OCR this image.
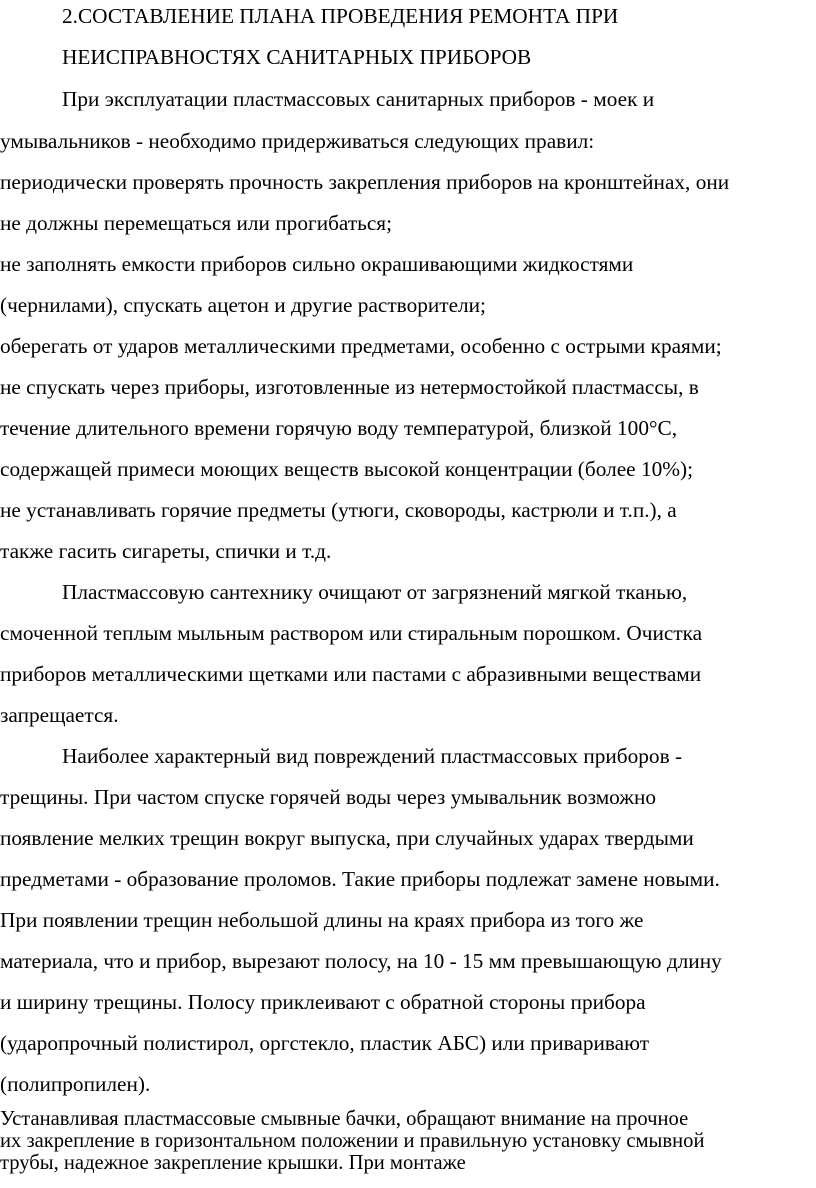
2.СОСТАВЛЕНИЕ ПЛАНА ПРОВЕДЕНИЯ РЕМОНТА ПРИ
НЕИСПРАВНОСТЯХ САНИТАРНЫХ ПРИБОРОВ
При эксплуатации пластмассовых санитарных приборов - моек и
умывальников - необходимо придерживаться следующих правил:
периодически проверять прочность закрепления приборов на кронштейнах, они
не должны перемещаться или прогибаться;
не заполнять емкости приборов сильно окрашивающими жидкостями
(чернилами), спускать ацетон и другие растворители;
оберегать от ударов металлическими предметами, особенно с острыми краями;
не спускать через приборы, изготовленные из нетермостойкой пластмассы, в
течение длительного времени горячую воду температурой, близкой 100°С,
содержащей примеси моющих веществ высокой концентрации (более 10%);
не устанавливать горячие предметы (утюги, сковороды, кастрюли и т.п.), а
также гасить сигареты, спички и т.д.
Пластмассовую сантехнику очищают от загрязнений мягкой тканью,
смоченной теплым мыльным раствором или стиральным порошком. Очистка
приборов металлическими щетками или пастами с абразивными веществами
запрещается.
Наиболее характерный вид повреждений пластмассовых приборов -
трещины. При частом спуске горячей воды через умывальник возможно
появление мелких трещин вокруг выпуска, при случайных ударах твердыми
предметами - образование проломов. Такие приборы подлежат замене новыми.
При появлении трещин небольшой длины на краях прибора из того же
материала, что и прибор, вырезают полосу, на 10 - 15 мм превышающую длину
и ширину трещины. Полосу приклеивают с обратной стороны прибора
(ударопрочный полистирол, оргстекло, пластик АБС) или приваривают
(полипропилен).
Устанавливая пластмассовые смывные бачки, обращают внимание на прочное
их закрепление в горизонтальном положении и правильную установку смывной
трубы, надежное закрепление крышки. При монтаже
